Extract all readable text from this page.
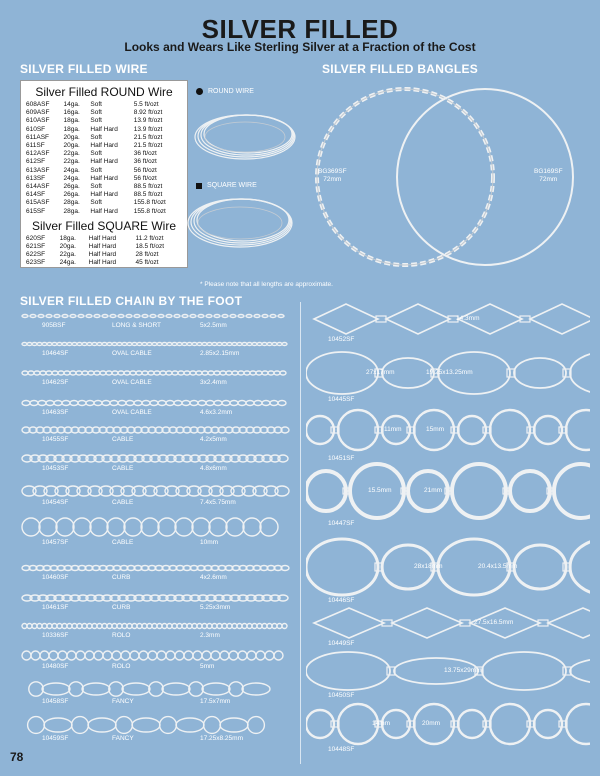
SILVER FILLED
Looks and Wears Like Sterling Silver at a Fraction of the Cost
SILVER FILLED WIRE	SILVER FILLED BANGLES
SILVER FILLED CHAIN BY THE FOOT
Silver Filled ROUND Wire
608ASF	14ga.	Soft	5.5 ft/ozt
609ASF	16ga.	Soft	8.92 ft/ozt
610ASF	18ga.	Soft	13.9 ft/ozt
610SF	18ga.	Half Hard	13.9 ft/ozt
611ASF	20ga.	Soft	21.5 ft/ozt
611SF	20ga.	Half Hard	21.5 ft/ozt
612ASF	22ga.	Soft	36 ft/ozt
612SF	22ga.	Half Hard	36 ft/ozt
613ASF	24ga.	Soft	56 ft/ozt
613SF	24ga.	Half Hard	56 ft/ozt
614ASF	26ga.	Soft	88.5 ft/ozt
614SF	26ga.	Half Hard	88.5 ft/ozt
615ASF	28ga.	Soft	155.8 ft/ozt
615SF	28ga.	Half Hard	155.8 ft/ozt
Silver Filled SQUARE Wire
620SF	18ga.	Half Hard	11.2 ft/ozt
621SF	20ga.	Half Hard	18.5 ft/ozt
622SF	22ga.	Half Hard	28 ft/ozt
623SF	24ga.	Half Hard	45 ft/ozt
ROUND WIRE
SQUARE WIRE
BG369SF
72mm
BG169SF
72mm
* Please note that all lengths are approximate.
905BSF	LONG & SHORT	5x2.5mm
10464SF	OVAL CABLE	2.85x2.15mm
10462SF	OVAL CABLE	3x2.4mm
10463SF	OVAL CABLE	4.6x3.2mm
10455SF	CABLE	4.2x5mm
10453SF	CABLE	4.8x6mm
10454SF	CABLE	7.4x5.75mm
10457SF	CABLE	10mm
10460SF	CURB	4x2.6mm
10461SF	CURB	5.25x3mm
10336SF	ROLO	2.3mm
10480SF	ROLO	5mm
10458SF	FANCY	17.5x7mm
10459SF	FANCY	17.25x8.25mm
10452SF
14.3mm
10445SF
27x17mm	19.25x13.25mm
10451SF
11mm	15mm
10447SF
15.5mm	21mm
10446SF
28x18mm	20.4x13.5mm
10449SF
27.5x16.5mm
10450SF
13.75x29mm
10448SF
14mm	20mm
78
